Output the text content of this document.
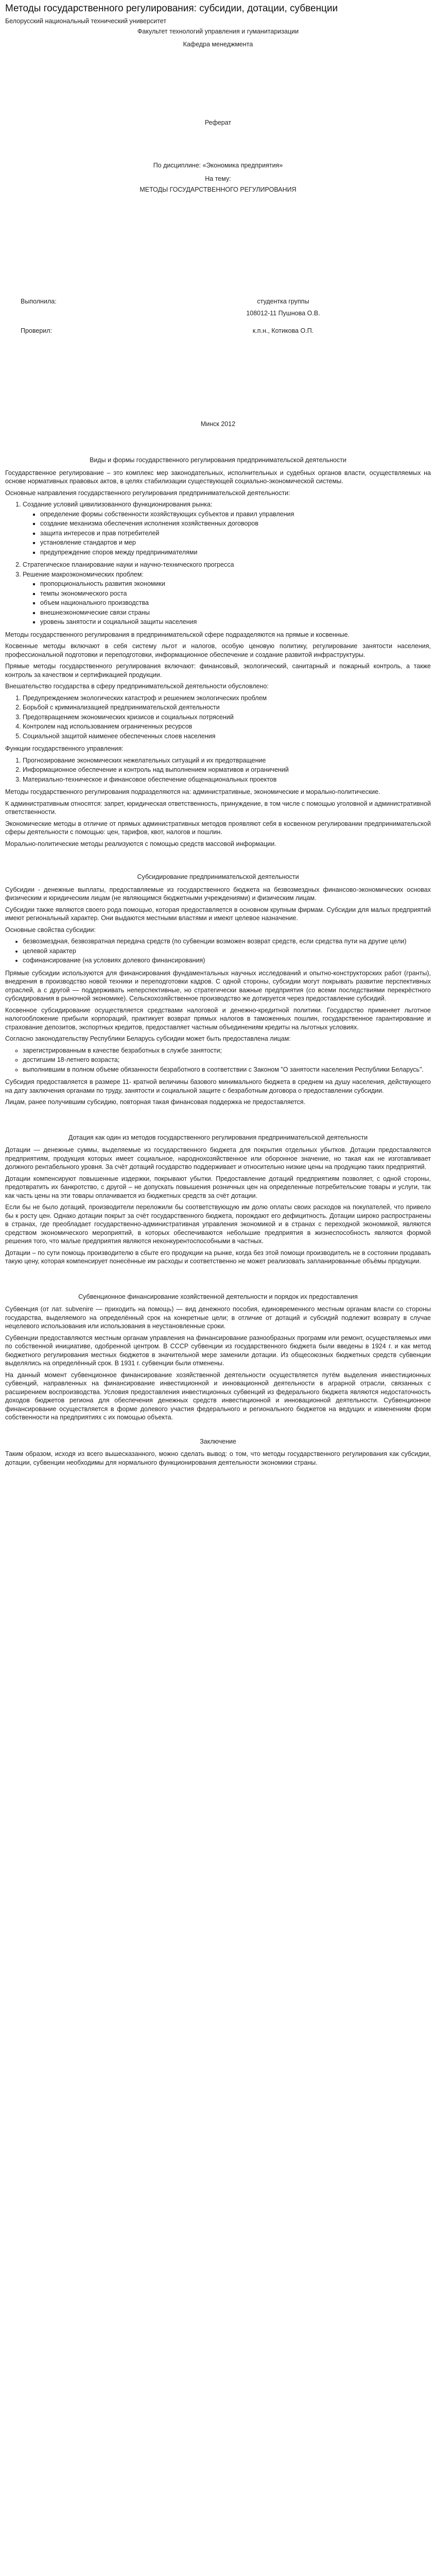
Методы государственного регулирования: субсидии, дотации, субвенции

Белорусский национальный технический университет

Факультет технологий управления и гуманитаризации

Кафедра менеджмента

Реферат

По дисциплине: «Экономика предприятия»

На тему:

МЕТОДЫ ГОСУДАРСТВЕННОГО РЕГУЛИРОВАНИЯ

Выполнила:	студентка группы
108012-11 Пушнова О.В.
Проверил:	к.п.н., Котикова О.П.

Минск 2012

Виды и формы государственного регулирования предпринимательской деятельности

Государственное регулирование – это комплекс мер законодательных, исполнительных и судебных органов власти, осуществляемых на основе нормативных правовых актов, в целях стабилизации существующей социально-экономической системы.

Основные направления государственного регулирования предпринимательской деятельности:

1. Создание условий цивилизованного функционирования рынка:
▪ определение формы собственности хозяйствующих субъектов и правил управления
▪ создание механизма обеспечения исполнения хозяйственных договоров
▪ защита интересов и прав потребителей
▪ установление стандартов и мер
▪ предупреждение споров между предпринимателями
2. Стратегическое планирование науки и научно-технического прогресса
3. Решение макроэкономических проблем:
▪ пропорциональность развития экономики
▪ темпы экономического роста
▪ объем национального производства
▪ внешнеэкономические связи страны
▪ уровень занятости и социальной защиты населения

Методы государственного регулирования в предпринимательской сфере подразделяются на прямые и косвенные.

Косвенные методы включают в себя систему льгот и налогов, особую ценовую политику, регулирование занятости населения, профессиональной подготовки и переподготовки, информационное обеспечение и создание развитой инфраструктуры.

Прямые методы государственного регулирования включают: финансовый, экологический, санитарный и пожарный контроль, а также контроль за качеством и сертификацией продукции.

Внешательство государства в сферу предпринимательской деятельности обусловлено:

1. Предупреждением экологических катастроф и решением экологических проблем
2. Борьбой с криминализацией предпринимательской деятельности
3. Предотвращением экономических кризисов и социальных потрясений
4. Контролем над использованием ограниченных ресурсов
5. Социальной защитой наименее обеспеченных слоев населения

Функции государственного управления:

1. Прогнозирование экономических нежелательных ситуаций и их предотвращение
2. Информационное обеспечение и контроль над выполнением нормативов и ограничений
3. Материально-техническое и финансовое обеспечение общенациональных проектов

Методы государственного регулирования подразделяются на: административные, экономические и морально-политические.

К административным относятся: запрет, юридическая ответственность, принуждение, в том числе с помощью уголовной и административной ответственности.

Экономические методы в отличие от прямых административных методов проявляют себя в косвенном регулировании предпринимательской сферы деятельности с помощью: цен, тарифов, квот, налогов и пошлин.

Морально-политические методы реализуются с помощью средств массовой информации.

Субсидирование предпринимательской деятельности

Субсидии - денежные выплаты, предоставляемые из государственного бюджета на безвозмездных финансово-экономических основах физическим и юридическим лицам (не являющимся бюджетными учреждениями) и физическим лицам.

Субсидии также являются своего рода помощью, которая предоставляется в основном крупным фирмам. Субсидии для малых предприятий имеют региональный характер. Они выдаются местными властями и имеют целевое назначение.

Основные свойства субсидии:

• безвозмездная, безвозвратная передача средств (по субвенции возможен возврат средств, если средства пути на другие цели)
• целевой характер
• софинансирование (на условиях долевого финансирования)

Прямые субсидии используются для финансирования фундаментальных научных исследований и опытно-конструкторских работ (гранты), внедрения в производство новой техники и переподготовки кадров. С одной стороны, субсидии могут покрывать развитие перспективных отраслей, а с другой — поддерживать неперспективные, но стратегически важные предприятия (со всеми последствиями перекрёстного субсидирования в рыночной экономике). Сельскохозяйственное производство же дотируется через предоставление субсидий.

Косвенное субсидирование осуществляется средствами налоговой и денежно-кредитной политики. Государство применяет льготное налогообложение прибыли корпораций, практикует возврат прямых налогов в таможенных пошлин, государственное гарантирование и страхование депозитов, экспортных кредитов, предоставляет частным объединениям кредиты на льготных условиях.

Согласно законодательству Республики Беларусь субсидии может быть предоставлена лицам:

◦ зарегистрированным в качестве безработных в службе занятости;
◦ достигшим 18-летнего возраста;
◦ выполнившим в полном объеме обязанности безработного в соответствии с Законом "О занятости населения Республики Беларусь".

Субсидия предоставляется в размере 11- кратной величины базового минимального бюджета в среднем на душу населения, действующего на дату заключения органами по труду, занятости и социальной защите с безработным договора о предоставлении субсидии.

Лицам, ранее получившим субсидию, повторная такая финансовая поддержка не предоставляется.

Дотация как один из методов государственного регулирования предпринимательской деятельности

Дотации — денежные суммы, выделяемые из государственного бюджета для покрытия отдельных убытков. Дотации предоставляются предприятиям, продукция которых имеет социальное, народнохозяйственное или оборонное значение, но такая как не изготавливает должного рентабельного уровня. За счёт дотаций государство поддерживает и относительно низкие цены на продукцию таких предприятий.

Дотации компенсируют повышенные издержки, покрывают убытки. Предоставление дотаций предприятиям позволяет, с одной стороны, предотвратить их банкротство, с другой – не допускать повышения розничных цен на определенные потребительские товары и услуги, так как часть цены на эти товары оплачивается из бюджетных средств за счёт дотации.

Если бы не было дотаций, производители переложили бы соответствующую им долю оплаты своих расходов на покупателей, что привело бы к росту цен. Однако дотации покрыт за счёт государственного бюджета, порождают его дефицитность. Дотации широко распространены в странах, где преобладает государственно-административная управления экономикой и в странах с переходной экономикой, являются средством экономического мероприятий, в которых обеспечиваются небольшие предприятия в жизнеспособность являются формой решения того, что малые предприятия являются неконкурентоспособными в частных.

Дотации – по сути помощь производителю в сбыте его продукции на рынке, когда без этой помощи производитель не в состоянии продавать такую цену, которая компенсирует понесённые им расходы и соответственно не может реализовать запланированные объёмы продукции.

Субвенционное финансирование хозяйственной деятельности и порядок их предоставления

Субвенция (от лат. subvenire — приходить на помощь) — вид денежного пособия, единовременного местным органам власти со стороны государства, выделяемого на определённый срок на конкретные цели; в отличие от дотаций и субсидий подлежит возврату в случае нецелевого использования или использования в неустановленные сроки.

Субвенции предоставляются местным органам управления на финансирование разнообразных программ или ремонт, осуществляемых ими по собственной инициативе, одобренной центром. В СССР субвенции из государственного бюджета были введены в 1924 г. и как метод бюджетного регулирования местных бюджетов в значительной мере заменили дотации. Из общесоюзных бюджетных средств субвенции выделялись на определённый срок. В 1931 г. субвенции были отменены.

На данный момент субвенционное финансирование хозяйственной деятельности осуществляется путём выделения инвестиционных субвенций, направленных на финансирование инвестиционной и инновационной деятельности в аграрной отрасли, связанных с расширением воспроизводства. Условия предоставления инвестиционных субвенций из федерального бюджета являются недостаточность доходов бюджетов региона для обеспечения денежных средств инвестиционной и инновационной деятельности. Субвенционное финансирование осуществляется в форме долевого участия федерального и регионального бюджетов на ведущих и изменениям форм собственности на предприятиях с их помощью объекта.

Заключение

Таким образом, исходя из всего вышесказанного, можно сделать вывод: о том, что методы государственного регулирования как субсидии, дотации, субвенции необходимы для нормального функционирования деятельности экономики страны.
